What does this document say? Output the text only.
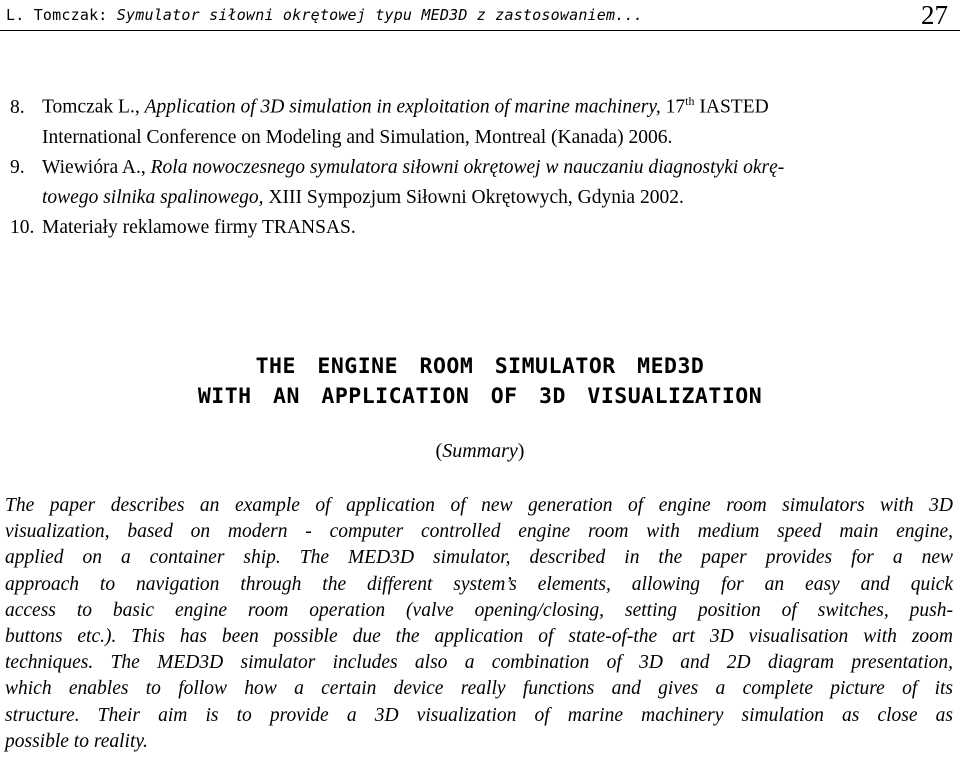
L. Tomczak: Symulator siłowni okrętowej typu MED3D z zastosowaniem...	27
8. Tomczak L., Application of 3D simulation in exploitation of marine machinery, 17th IASTED
International Conference on Modeling and Simulation, Montreal (Kanada) 2006.
9. Wiewióra A., Rola nowoczesnego symulatora siłowni okrętowej w nauczaniu diagnostyki okrę-
towego silnika spalinowego, XIII Sympozjum Siłowni Okrętowych, Gdynia 2002.
10. Materiały reklamowe firmy TRANSAS.
THE ENGINE ROOM SIMULATOR MED3D
WITH AN APPLICATION OF 3D VISUALIZATION
(Summary)
The paper describes an example of application of new generation of engine room simulators with 3D
visualization, based on modern - computer controlled engine room with medium speed main engine,
applied on a container ship. The MED3D simulator, described in the paper provides for a new
approach to navigation through the different system’s elements, allowing for an easy and quick
access to basic engine room operation (valve opening/closing, setting position of switches, push-
buttons etc.). This has been possible due the application of state-of-the art 3D visualisation with zoom
techniques. The MED3D simulator includes also a combination of 3D and 2D diagram presentation,
which enables to follow how a certain device really functions and gives a complete picture of its
structure. Their aim is to provide a 3D visualization of marine machinery simulation as close as
possible to reality.
